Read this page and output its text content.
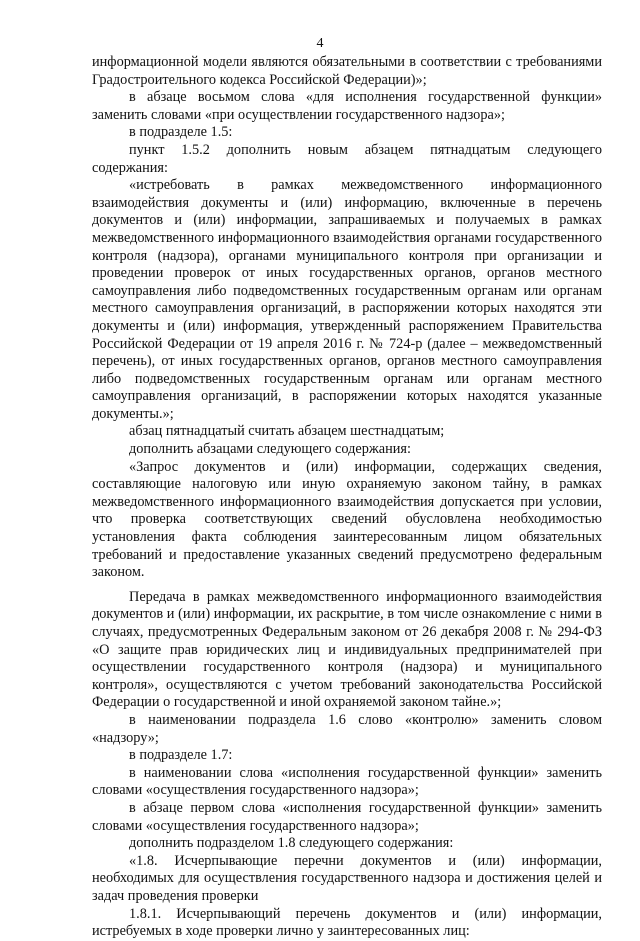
4

информационной модели являются обязательными в соответствии с требованиями Градостроительного кодекса Российской Федерации)»;

в абзаце восьмом слова «для исполнения государственной функции» заменить словами «при осуществлении государственного надзора»;

в подразделе 1.5:

пункт 1.5.2 дополнить новым абзацем пятнадцатым следующего содержания:

«истребовать в рамках межведомственного информационного взаимодействия документы и (или) информацию, включенные в перечень документов и (или) информации, запрашиваемых и получаемых в рамках межведомственного информационного взаимодействия органами государственного контроля (надзора), органами муниципального контроля при организации и проведении проверок от иных государственных органов, органов местного самоуправления либо подведомственных государственным органам или органам местного самоуправления организаций, в распоряжении которых находятся эти документы и (или) информация, утвержденный распоряжением Правительства Российской Федерации от 19 апреля 2016 г. № 724-р (далее – межведомственный перечень), от иных государственных органов, органов местного самоуправления либо подведомственных государственным органам или органам местного самоуправления организаций, в распоряжении которых находятся указанные документы.»;

абзац пятнадцатый считать абзацем шестнадцатым;

дополнить абзацами следующего содержания:

«Запрос документов и (или) информации, содержащих сведения, составляющие налоговую или иную охраняемую законом тайну, в рамках межведомственного информационного взаимодействия допускается при условии, что проверка соответствующих сведений обусловлена необходимостью установления факта соблюдения заинтересованным лицом обязательных требований и предоставление указанных сведений предусмотрено федеральным законом.

Передача в рамках межведомственного информационного взаимодействия документов и (или) информации, их раскрытие, в том числе ознакомление с ними в случаях, предусмотренных Федеральным законом от 26 декабря 2008 г. № 294-ФЗ «О защите прав юридических лиц и индивидуальных предпринимателей при осуществлении государственного контроля (надзора) и муниципального контроля», осуществляются с учетом требований законодательства Российской Федерации о государственной и иной охраняемой законом тайне.»;

в наименовании подраздела 1.6 слово «контролю» заменить словом «надзору»;

в подразделе 1.7:

в наименовании слова «исполнения государственной функции» заменить словами «осуществления государственного надзора»;

в абзаце первом слова «исполнения государственной функции» заменить словами «осуществления государственного надзора»;

дополнить подразделом 1.8 следующего содержания:

«1.8. Исчерпывающие перечни документов и (или) информации, необходимых для осуществления государственного надзора и достижения целей и задач проведения проверки

1.8.1. Исчерпывающий перечень документов и (или) информации, истребуемых в ходе проверки лично у заинтересованных лиц:
